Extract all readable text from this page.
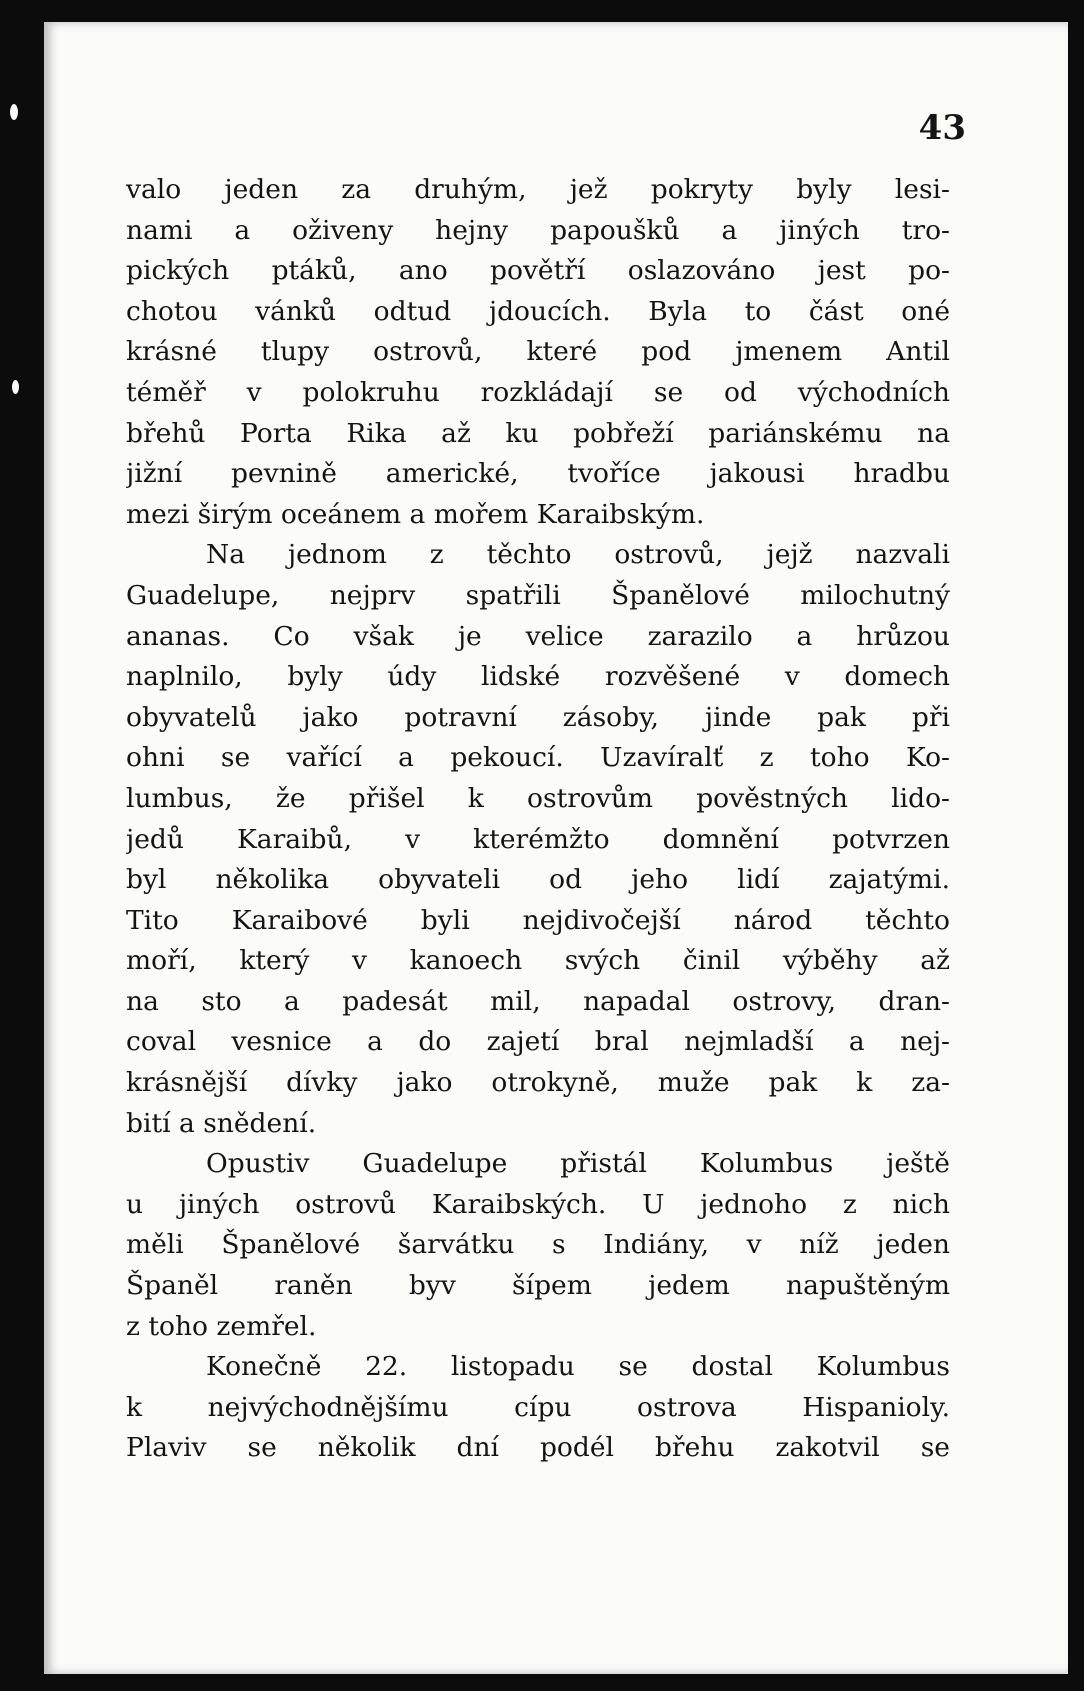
43
valo jeden za druhým, jež pokryty byly lesi-
nami a oživeny hejny papoušků a jiných tro-
pických ptáků, ano povětří oslazováno jest po-
chotou vánků odtud jdoucích. Byla to část oné
krásné tlupy ostrovů, které pod jmenem Antil
téměř v polokruhu rozkládají se od východních
břehů Porta Rika až ku pobřeží pariánskému na
jižní pevnině americké, tvoříce jakousi hradbu
mezi širým oceánem a mořem Karaibským.
Na jednom z těchto ostrovů, jejž nazvali
Guadelupe, nejprv spatřili Španělové milochutný
ananas. Co však je velice zarazilo a hrůzou
naplnilo, byly údy lidské rozvěšené v domech
obyvatelů jako potravní zásoby, jinde pak při
ohni se vařící a pekoucí. Uzavíralť z toho Ko-
lumbus, že přišel k ostrovům pověstných lido-
jedů Karaibů, v kterémžto domnění potvrzen
byl několika obyvateli od jeho lidí zajatými.
Tito Karaibové byli nejdivočejší národ těchto
moří, který v kanoech svých činil výběhy až
na sto a padesát mil, napadal ostrovy, dran-
coval vesnice a do zajetí bral nejmladší a nej-
krásnější dívky jako otrokyně, muže pak k za-
bití a snědení.
Opustiv Guadelupe přistál Kolumbus ještě
u jiných ostrovů Karaibských. U jednoho z nich
měli Španělové šarvátku s Indiány, v níž jeden
Španěl raněn byv šípem jedem napuštěným
z toho zemřel.
Konečně 22. listopadu se dostal Kolumbus
k nejvýchodnějšímu cípu ostrova Hispanioly.
Plaviv se několik dní podél břehu zakotvil se
